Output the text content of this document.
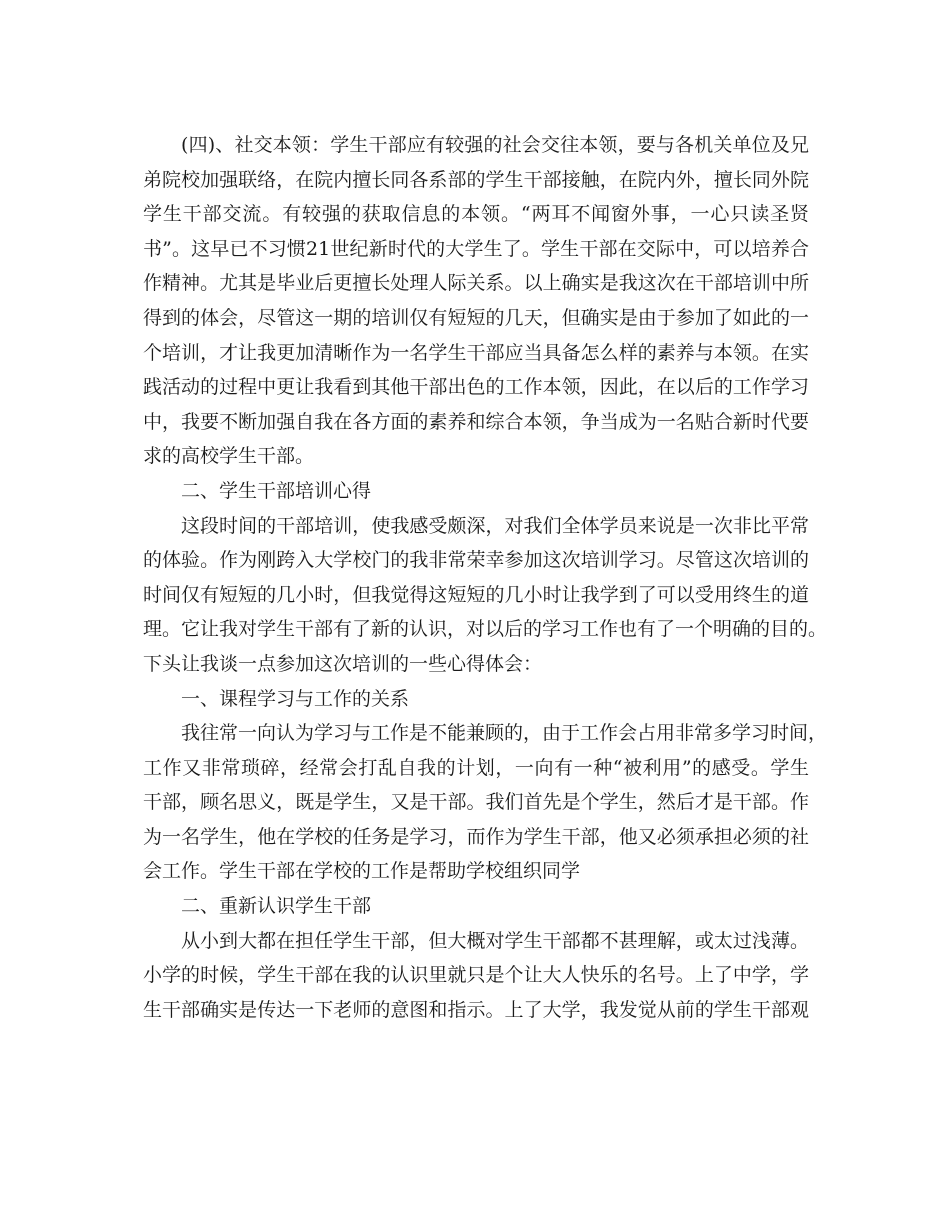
(四)、社交本领：学生干部应有较强的社会交往本领，要与各机关单位及兄
弟院校加强联络，在院内擅长同各系部的学生干部接触，在院内外，擅长同外院
学生干部交流。有较强的获取信息的本领。“两耳不闻窗外事，一心只读圣贤
书”。这早已不习惯21世纪新时代的大学生了。学生干部在交际中，可以培养合
作精神。尤其是毕业后更擅长处理人际关系。以上确实是我这次在干部培训中所
得到的体会，尽管这一期的培训仅有短短的几天，但确实是由于参加了如此的一
个培训，才让我更加清晰作为一名学生干部应当具备怎么样的素养与本领。在实
践活动的过程中更让我看到其他干部出色的工作本领，因此，在以后的工作学习
中，我要不断加强自我在各方面的素养和综合本领，争当成为一名贴合新时代要
求的高校学生干部。
二、学生干部培训心得
这段时间的干部培训，使我感受颇深，对我们全体学员来说是一次非比平常
的体验。作为刚跨入大学校门的我非常荣幸参加这次培训学习。尽管这次培训的
时间仅有短短的几小时，但我觉得这短短的几小时让我学到了可以受用终生的道
理。它让我对学生干部有了新的认识，对以后的学习工作也有了一个明确的目的。
下头让我谈一点参加这次培训的一些心得体会：
一、课程学习与工作的关系
我往常一向认为学习与工作是不能兼顾的，由于工作会占用非常多学习时间，
工作又非常琐碎，经常会打乱自我的计划，一向有一种“被利用”的感受。学生
干部，顾名思义，既是学生，又是干部。我们首先是个学生，然后才是干部。作
为一名学生，他在学校的任务是学习，而作为学生干部，他又必须承担必须的社
会工作。学生干部在学校的工作是帮助学校组织同学
二、重新认识学生干部
从小到大都在担任学生干部，但大概对学生干部都不甚理解，或太过浅薄。
小学的时候，学生干部在我的认识里就只是个让大人快乐的名号。上了中学，学
生干部确实是传达一下老师的意图和指示。上了大学，我发觉从前的学生干部观
